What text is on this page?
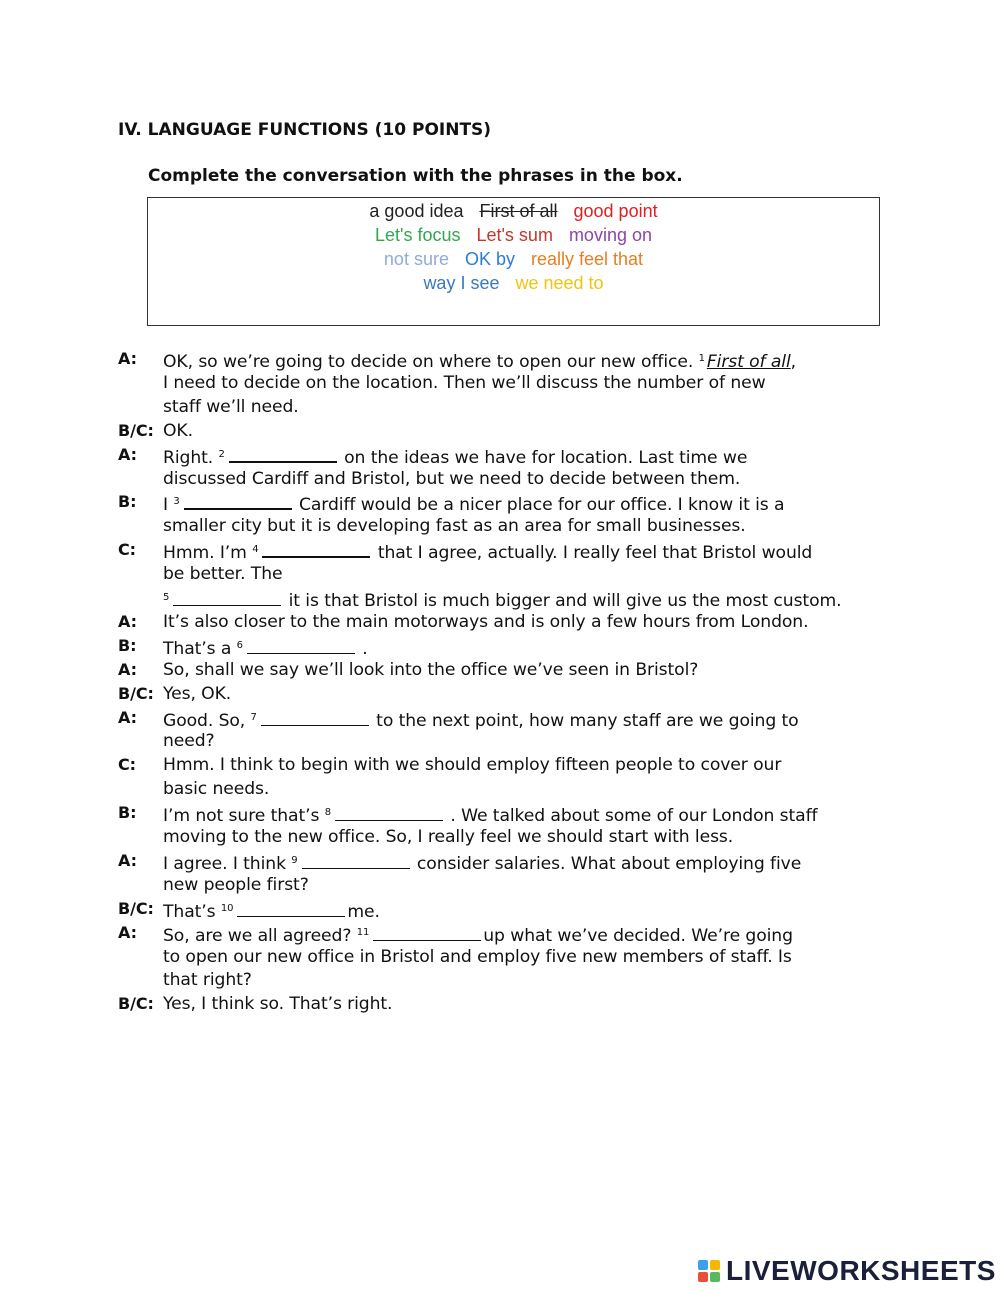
IV. LANGUAGE FUNCTIONS (10 POINTS)
Complete the conversation with the phrases in the box.
a good idea First of all good point
Let's focus Let's sum moving on
not sure OK by really feel that
way I see we need to
A: OK, so we’re going to decide on where to open our new office. $^1$ First of all,
I need to decide on the location. Then we’ll discuss the number of new
staff we’ll need.
B/C: OK.
A: Right. $^2$	on the ideas we have for location. Last time we
discussed Cardiff and Bristol, but we need to decide between them.
B: I $^3$	Cardiff would be a nicer place for our office. I know it is a
smaller city but it is developing fast as an area for small businesses.
C: Hmm. I’m $^4$	that I agree, actually. I really feel that Bristol would
be better. The
$^5$	it is that Bristol is much bigger and will give us the most custom.
A: It’s also closer to the main motorways and is only a few hours from London.
B: That’s a $^6$	.
A: So, shall we say we’ll look into the office we’ve seen in Bristol?
B/C: Yes, OK.
A: Good. So, $^7$	to the next point, how many staff are we going to
need?
C: Hmm. I think to begin with we should employ fifteen people to cover our
basic needs.
B: I’m not sure that’s $^8$	. We talked about some of our London staff
moving to the new office. So, I really feel we should start with less.
A: I agree. I think $^9$	consider salaries. What about employing five
new people first?
B/C: That’s $^{10}$	me.
A: So, are we all agreed? $^{11}$	up what we’ve decided. We’re going
to open our new office in Bristol and employ five new members of staff. Is
that right?
B/C: Yes, I think so. That’s right.
LIVEWORKSHEETS
